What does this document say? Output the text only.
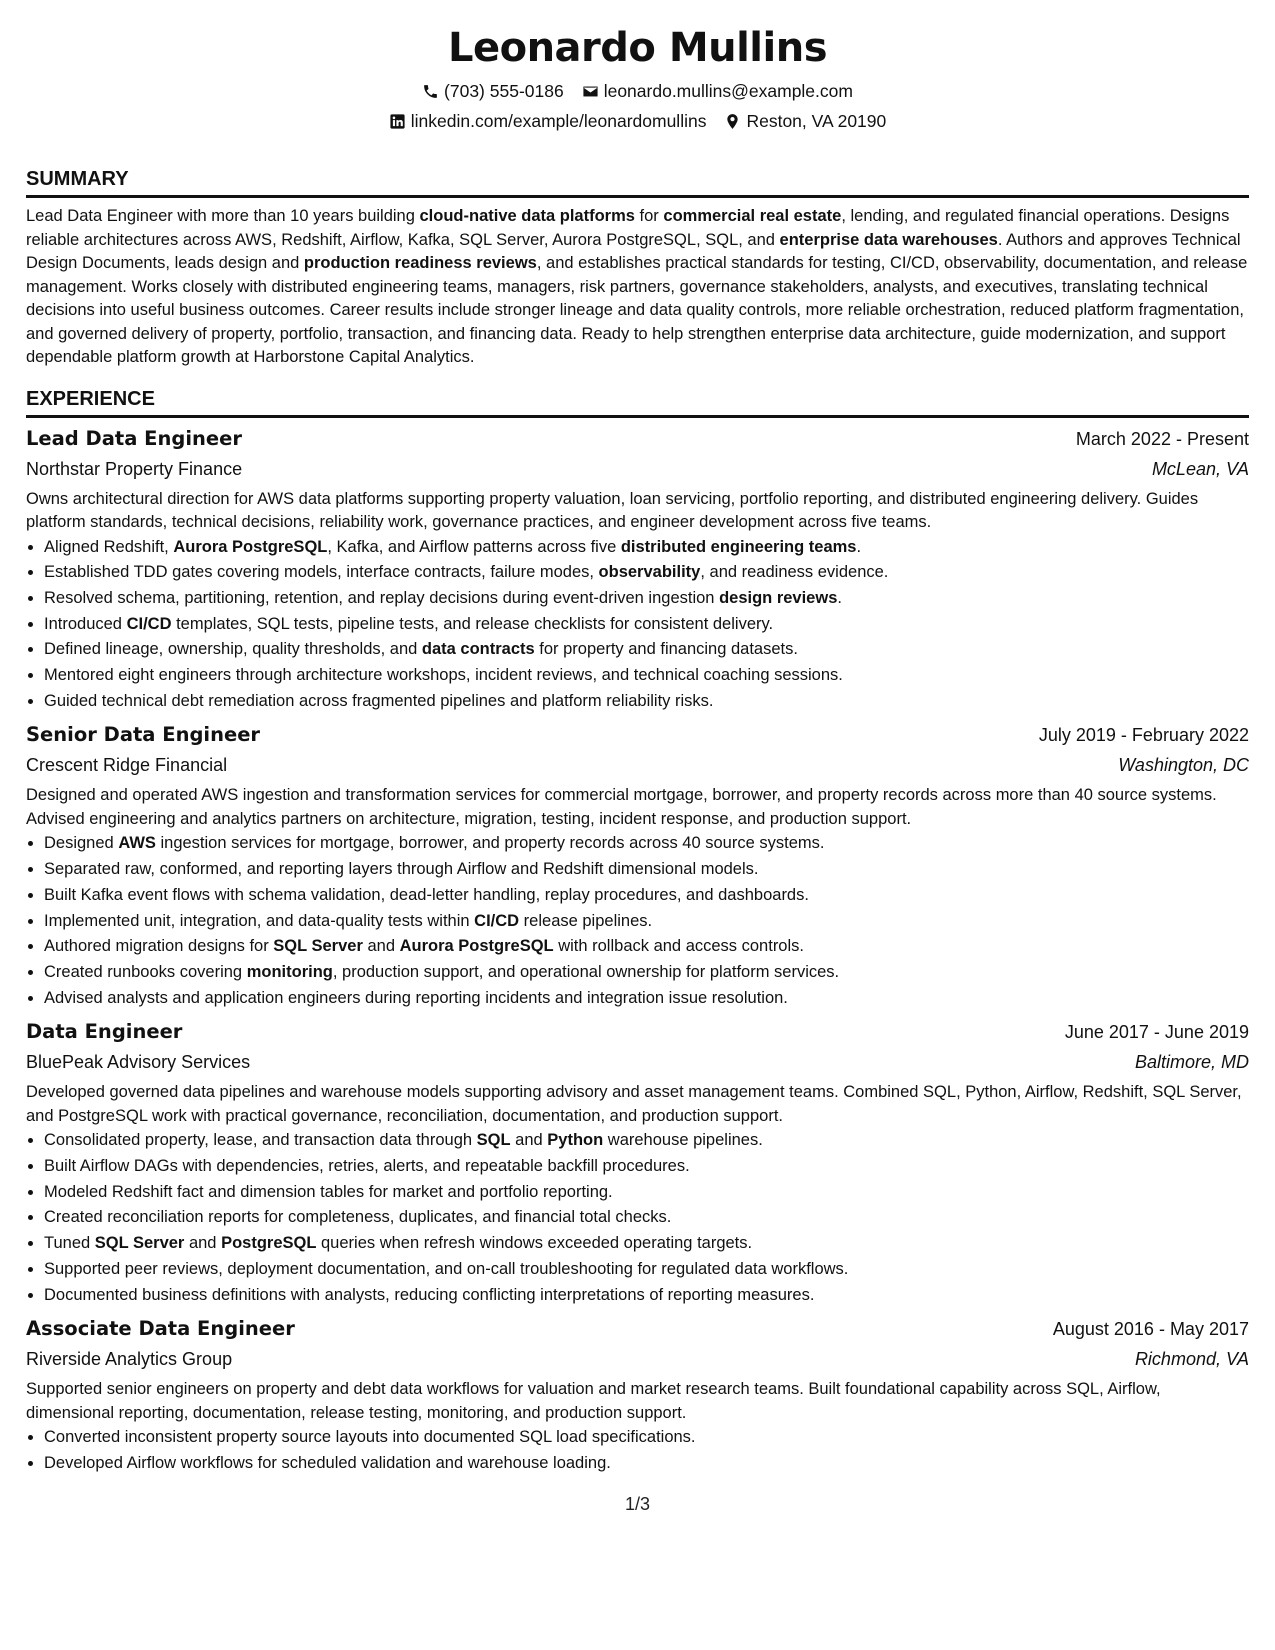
Leonardo Mullins
(703) 555-0186 leonardo.mullins@example.com
linkedin.com/example/leonardomullins Reston, VA 20190
SUMMARY

Lead Data Engineer with more than 10 years building cloud-native data platforms for commercial real estate, lending, and regulated financial operations. Designs reliable architectures across AWS, Redshift, Airflow, Kafka, SQL Server, Aurora PostgreSQL, SQL, and enterprise data warehouses. Authors and approves Technical Design Documents, leads design and production readiness reviews, and establishes practical standards for testing, CI/CD, observability, documentation, and release management. Works closely with distributed engineering teams, managers, risk partners, governance stakeholders, analysts, and executives, translating technical decisions into useful business outcomes. Career results include stronger lineage and data quality controls, more reliable orchestration, reduced platform fragmentation, and governed delivery of property, portfolio, transaction, and financing data. Ready to help strengthen enterprise data architecture, guide modernization, and support dependable platform growth at Harborstone Capital Analytics.

EXPERIENCE
Lead Data Engineer	March 2022 - Present
Northstar Property Finance	McLean, VA

Owns architectural direction for AWS data platforms supporting property valuation, loan servicing, portfolio reporting, and distributed engineering delivery. Guides platform standards, technical decisions, reliability work, governance practices, and engineer development across five teams.

• Aligned Redshift, Aurora PostgreSQL, Kafka, and Airflow patterns across five distributed engineering teams.
• Established TDD gates covering models, interface contracts, failure modes, observability, and readiness evidence.
• Resolved schema, partitioning, retention, and replay decisions during event-driven ingestion design reviews.
• Introduced CI/CD templates, SQL tests, pipeline tests, and release checklists for consistent delivery.
• Defined lineage, ownership, quality thresholds, and data contracts for property and financing datasets.
• Mentored eight engineers through architecture workshops, incident reviews, and technical coaching sessions.
• Guided technical debt remediation across fragmented pipelines and platform reliability risks.
Senior Data Engineer	July 2019 - February 2022
Crescent Ridge Financial	Washington, DC

Designed and operated AWS ingestion and transformation services for commercial mortgage, borrower, and property records across more than 40 source systems. Advised engineering and analytics partners on architecture, migration, testing, incident response, and production support.

• Designed AWS ingestion services for mortgage, borrower, and property records across 40 source systems.
• Separated raw, conformed, and reporting layers through Airflow and Redshift dimensional models.
• Built Kafka event flows with schema validation, dead-letter handling, replay procedures, and dashboards.
• Implemented unit, integration, and data-quality tests within CI/CD release pipelines.
• Authored migration designs for SQL Server and Aurora PostgreSQL with rollback and access controls.
• Created runbooks covering monitoring, production support, and operational ownership for platform services.
• Advised analysts and application engineers during reporting incidents and integration issue resolution.
Data Engineer	June 2017 - June 2019
BluePeak Advisory Services	Baltimore, MD

Developed governed data pipelines and warehouse models supporting advisory and asset management teams. Combined SQL, Python, Airflow, Redshift, SQL Server, and PostgreSQL work with practical governance, reconciliation, documentation, and production support.

• Consolidated property, lease, and transaction data through SQL and Python warehouse pipelines.
• Built Airflow DAGs with dependencies, retries, alerts, and repeatable backfill procedures.
• Modeled Redshift fact and dimension tables for market and portfolio reporting.
• Created reconciliation reports for completeness, duplicates, and financial total checks.
• Tuned SQL Server and PostgreSQL queries when refresh windows exceeded operating targets.
• Supported peer reviews, deployment documentation, and on-call troubleshooting for regulated data workflows.
• Documented business definitions with analysts, reducing conflicting interpretations of reporting measures.
Associate Data Engineer	August 2016 - May 2017
Riverside Analytics Group	Richmond, VA

Supported senior engineers on property and debt data workflows for valuation and market research teams. Built foundational capability across SQL, Airflow, dimensional reporting, documentation, release testing, monitoring, and production support.

• Converted inconsistent property source layouts into documented SQL load specifications.
• Developed Airflow workflows for scheduled validation and warehouse loading.
1/3
